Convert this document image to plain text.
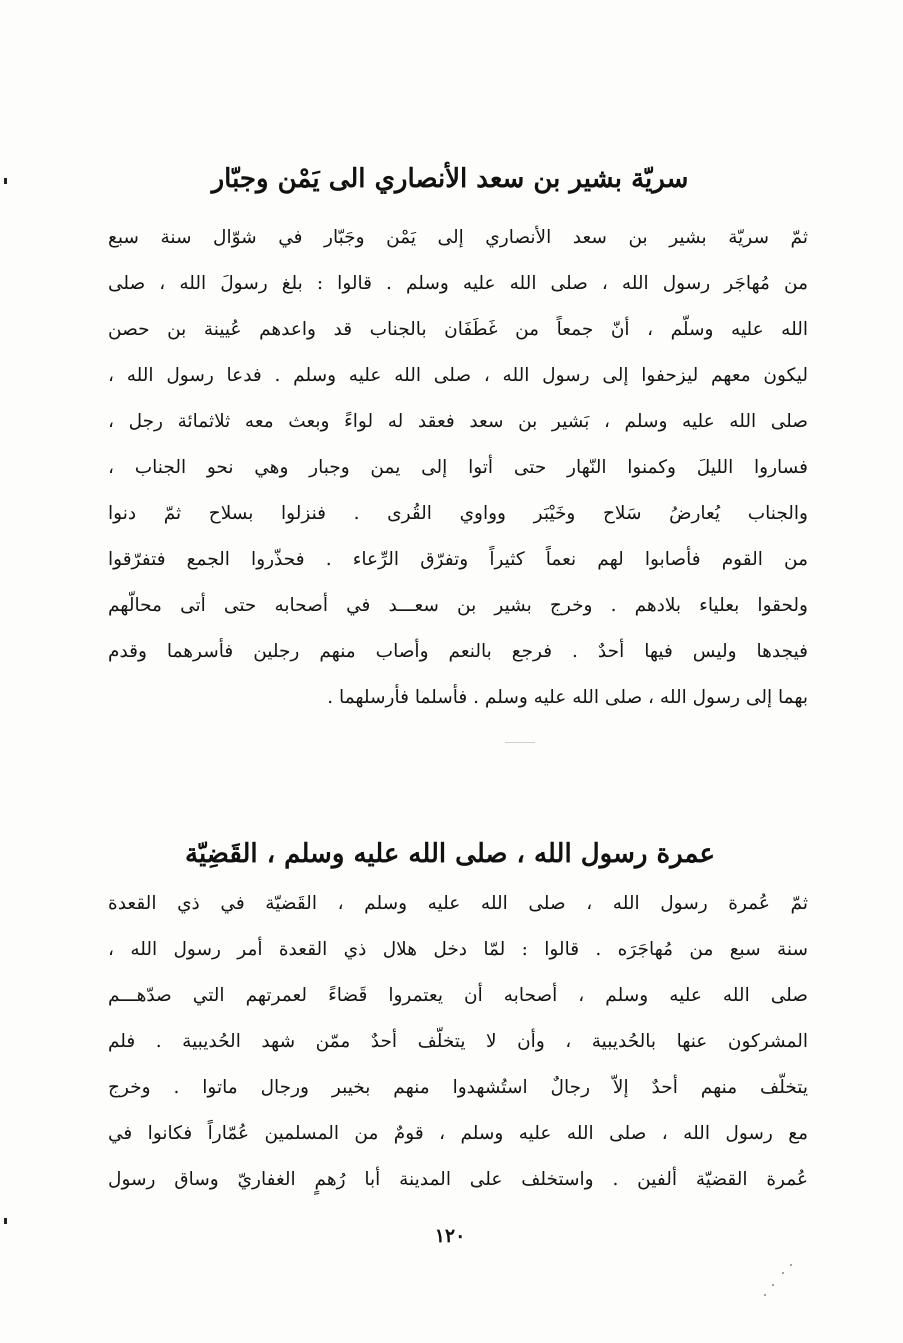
سريّة بشير بن سعد الأنصاري الى يَمْن وجبّار
ثمّ سريّة بشير بن سعد الأنصاري إلى يَمْن وجَبّار في شوّال سنة سبع
من مُهاجَر رسول الله ، صلى الله عليه وسلم . قالوا : بلغ رسولَ الله ، صلى
الله عليه وسلّم ، أنّ جمعاً من غَطَفَان بالجناب قد واعدهم عُيينة بن حصن
ليكون معهم ليزحفوا إلى رسول الله ، صلى الله عليه وسلم . فدعا رسول الله ،
صلى الله عليه وسلم ، بَشير بن سعد فعقد له لواءً وبعث معه ثلاثمائة رجل ،
فساروا الليلَ وكمنوا النّهار حتى أتوا إلى يمن وجبار وهي نحو الجناب ،
والجناب يُعارضُ سَلاح وخَيْبَر وواوي القُرى . فنزلوا بسلاح ثمّ دنوا
من القوم فأصابوا لهم نعماً كثيراً وتفرّق الرِّعاء . فحذّروا الجمع فتفرّقوا
ولحقوا بعلياء بلادهم . وخرج بشير بن سعـــد في أصحابه حتى أتى محالّهم
فيجدها وليس فيها أحدٌ . فرجع بالنعم وأصاب منهم رجلين فأسرهما وقدم
بهما إلى رسول الله ، صلى الله عليه وسلم . فأسلما فأرسلهما .
عمرة رسول الله ، صلى الله عليه وسلم ، القَضِيّة
ثمّ عُمرة رسول الله ، صلى الله عليه وسلم ، القَضيّة في ذي القعدة
سنة سبع من مُهاجَرَه . قالوا : لمّا دخل هلال ذي القعدة أمر رسول الله ،
صلى الله عليه وسلم ، أصحابه أن يعتمروا قَضاءً لعمرتهم التي صدّهـــم
المشركون عنها بالحُديبية ، وأن لا يتخلّف أحدٌ ممّن شهد الحُديبية . فلم
يتخلّف منهم أحدٌ إلاّ رجالٌ استُشهدوا منهم بخيبر ورجال ماتوا . وخرج
مع رسول الله ، صلى الله عليه وسلم ، قومٌ من المسلمين عُمّاراً فكانوا في
عُمرة القضيّة ألفين . واستخلف على المدينة أبا رُهمٍ الغفاريّ وساق رسول
١٢٠
